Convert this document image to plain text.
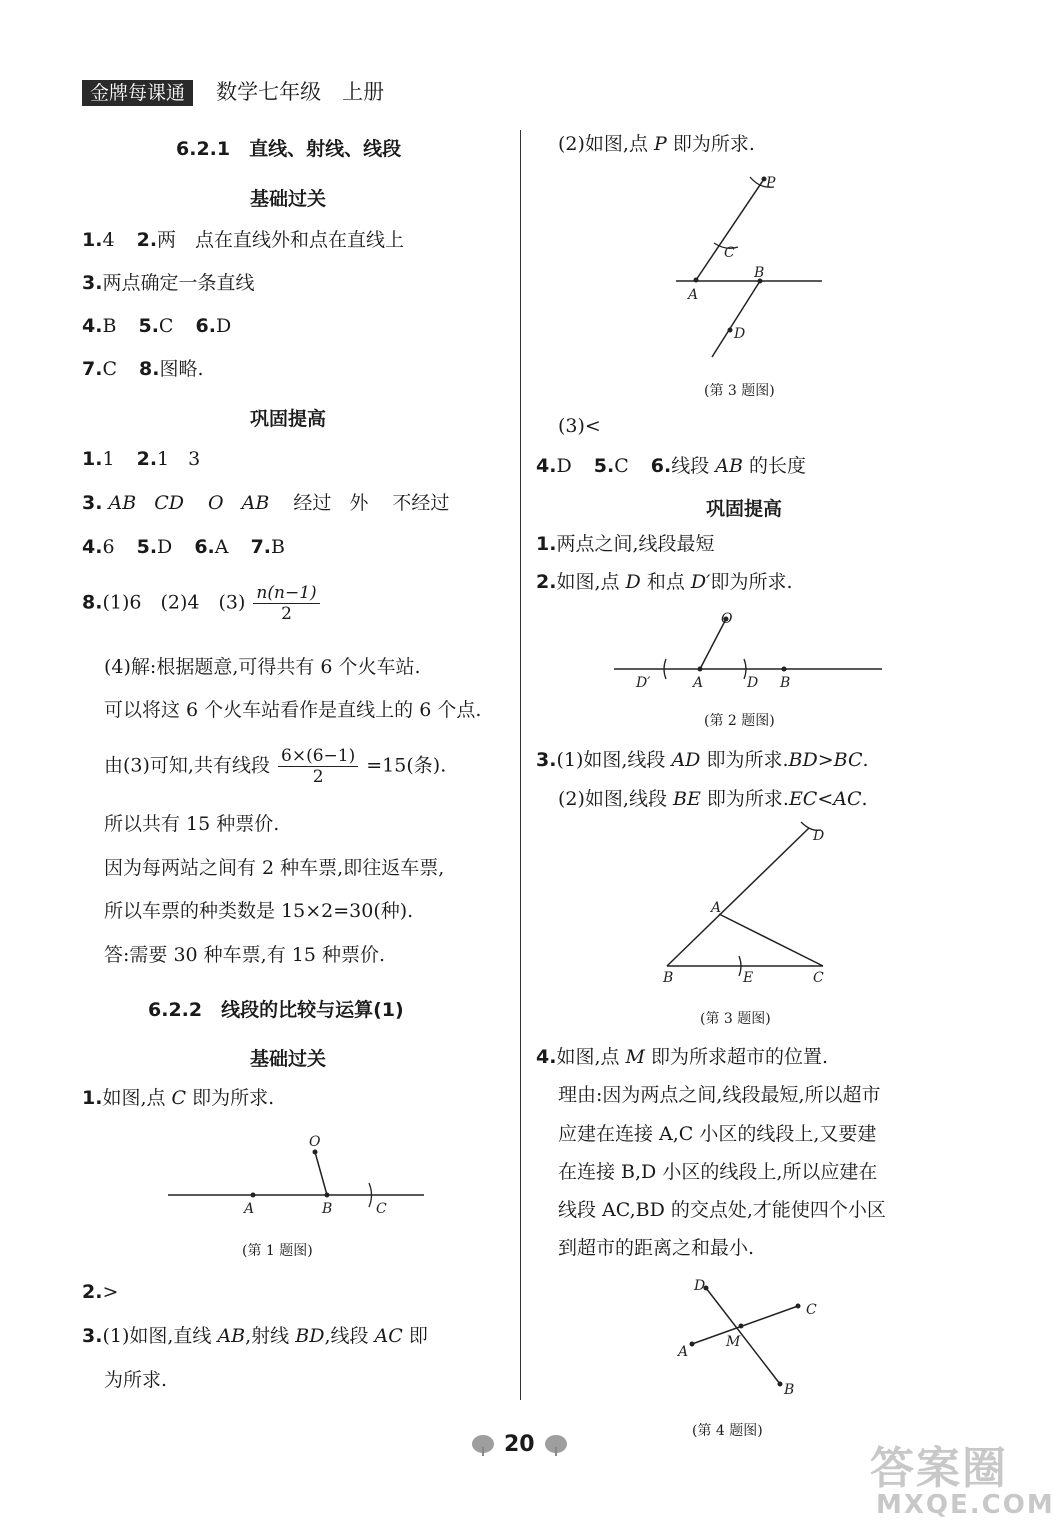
金牌每课通 数学七年级　上册
6.2.1　直线、射线、线段
基础过关
1.4 2.两　点在直线外和点在直线上
3.两点确定一条直线
4.B 5.C 6.D
7.C 8.图略.
巩固提高
1.1 2.1　3
3. AB CD O AB 经过 外 不经过
4.6 5.D 6.A 7.B
8.(1)6　(2)4　$(3) \frac{n(n-1)}{2}$
(4)解:根据题意,可得共有 6 个火车站.
可以将这 6 个火车站看作是直线上的 6 个点.
由(3)可知,共有线段 $\frac{6\times(6-1)}{2} =15$(条).
所以共有 15 种票价.
因为每两站之间有 2 种车票,即往返车票,
所以车票的种类数是 15×2=30(种).
答:需要 30 种车票,有 15 种票价.
6.2.2　线段的比较与运算(1)
基础过关
1.如图,点 C 即为所求.
O
A	B	C
(第 1 题图)
2.>
3.(1)如图,直线 AB,射线 BD,线段 AC 即
为所求.
(2)如图,点 P 即为所求.
P
C
B
A
D
(第 3 题图)
(3)<
4.D 5.C 6.线段 AB 的长度
巩固提高
1.两点之间,线段最短
2.如图,点 D 和点 D′即为所求.
O
D′	A	D B
(第 2 题图)
3.(1)如图,线段 AD 即为所求.BD>BC.
(2)如图,线段 BE 即为所求.EC<AC.
D
A
B	E	C
(第 3 题图)
4.如图,点 M 即为所求超市的位置.
理由:因为两点之间,线段最短,所以超市
应建在连接 A,C 小区的线段上,又要建
在连接 B,D 小区的线段上,所以应建在
线段 AC,BD 的交点处,才能使四个小区
到超市的距离之和最小.
D
C
M
A
B
(第 4 题图)
20	答案圈
MXQE.COM
